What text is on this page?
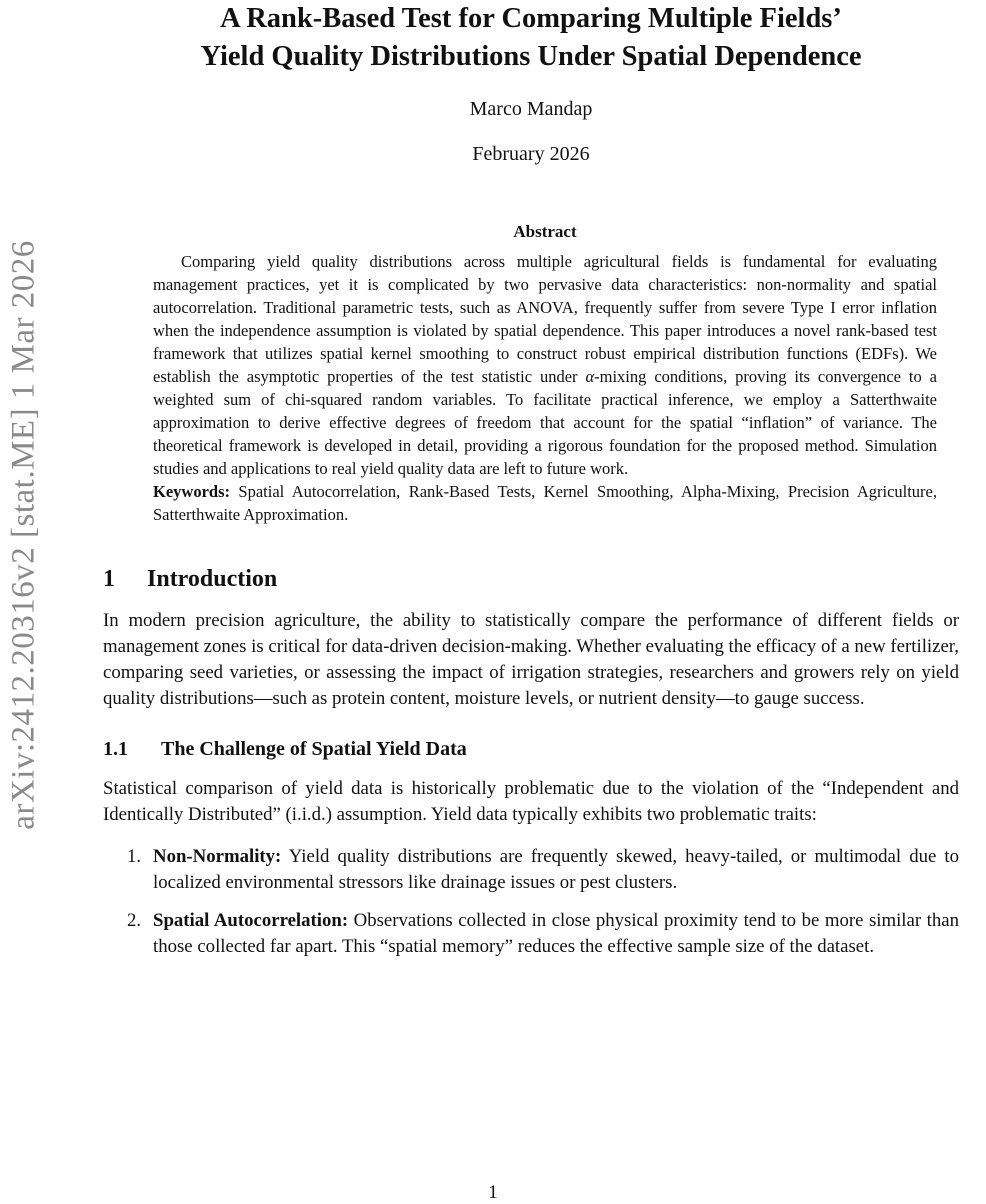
arXiv:2412.20316v2 [stat.ME] 1 Mar 2026
A Rank-Based Test for Comparing Multiple Fields’
Yield Quality Distributions Under Spatial Dependence
Marco Mandap
February 2026
Abstract

Comparing yield quality distributions across multiple agricultural fields is fundamental for evaluating management practices, yet it is complicated by two pervasive data characteristics: non-normality and spatial autocorrelation. Traditional parametric tests, such as ANOVA, frequently suffer from severe Type I error inflation when the independence assumption is violated by spatial dependence. This paper introduces a novel rank-based test framework that utilizes spatial kernel smoothing to construct robust empirical distribution functions (EDFs). We establish the asymptotic properties of the test statistic under α-mixing conditions, proving its convergence to a weighted sum of chi-squared random variables. To facilitate practical inference, we employ a Satterthwaite approximation to derive effective degrees of freedom that account for the spatial “inflation” of variance. The theoretical framework is developed in detail, providing a rigorous foundation for the proposed method. Simulation studies and applications to real yield quality data are left to future work.

Keywords: Spatial Autocorrelation, Rank-Based Tests, Kernel Smoothing, Alpha-Mixing, Precision Agriculture, Satterthwaite Approximation.

1 Introduction

In modern precision agriculture, the ability to statistically compare the performance of different fields or management zones is critical for data-driven decision-making. Whether evaluating the efficacy of a new fertilizer, comparing seed varieties, or assessing the impact of irrigation strategies, researchers and growers rely on yield quality distributions—such as protein content, moisture levels, or nutrient density—to gauge success.

1.1 The Challenge of Spatial Yield Data

Statistical comparison of yield data is historically problematic due to the violation of the “Independent and Identically Distributed” (i.i.d.) assumption. Yield data typically exhibits two problematic traits:

1. Non-Normality: Yield quality distributions are frequently skewed, heavy-tailed, or multimodal due to localized environmental stressors like drainage issues or pest clusters.
2. Spatial Autocorrelation: Observations collected in close physical proximity tend to be more similar than those collected far apart. This “spatial memory” reduces the effective sample size of the dataset.
1
